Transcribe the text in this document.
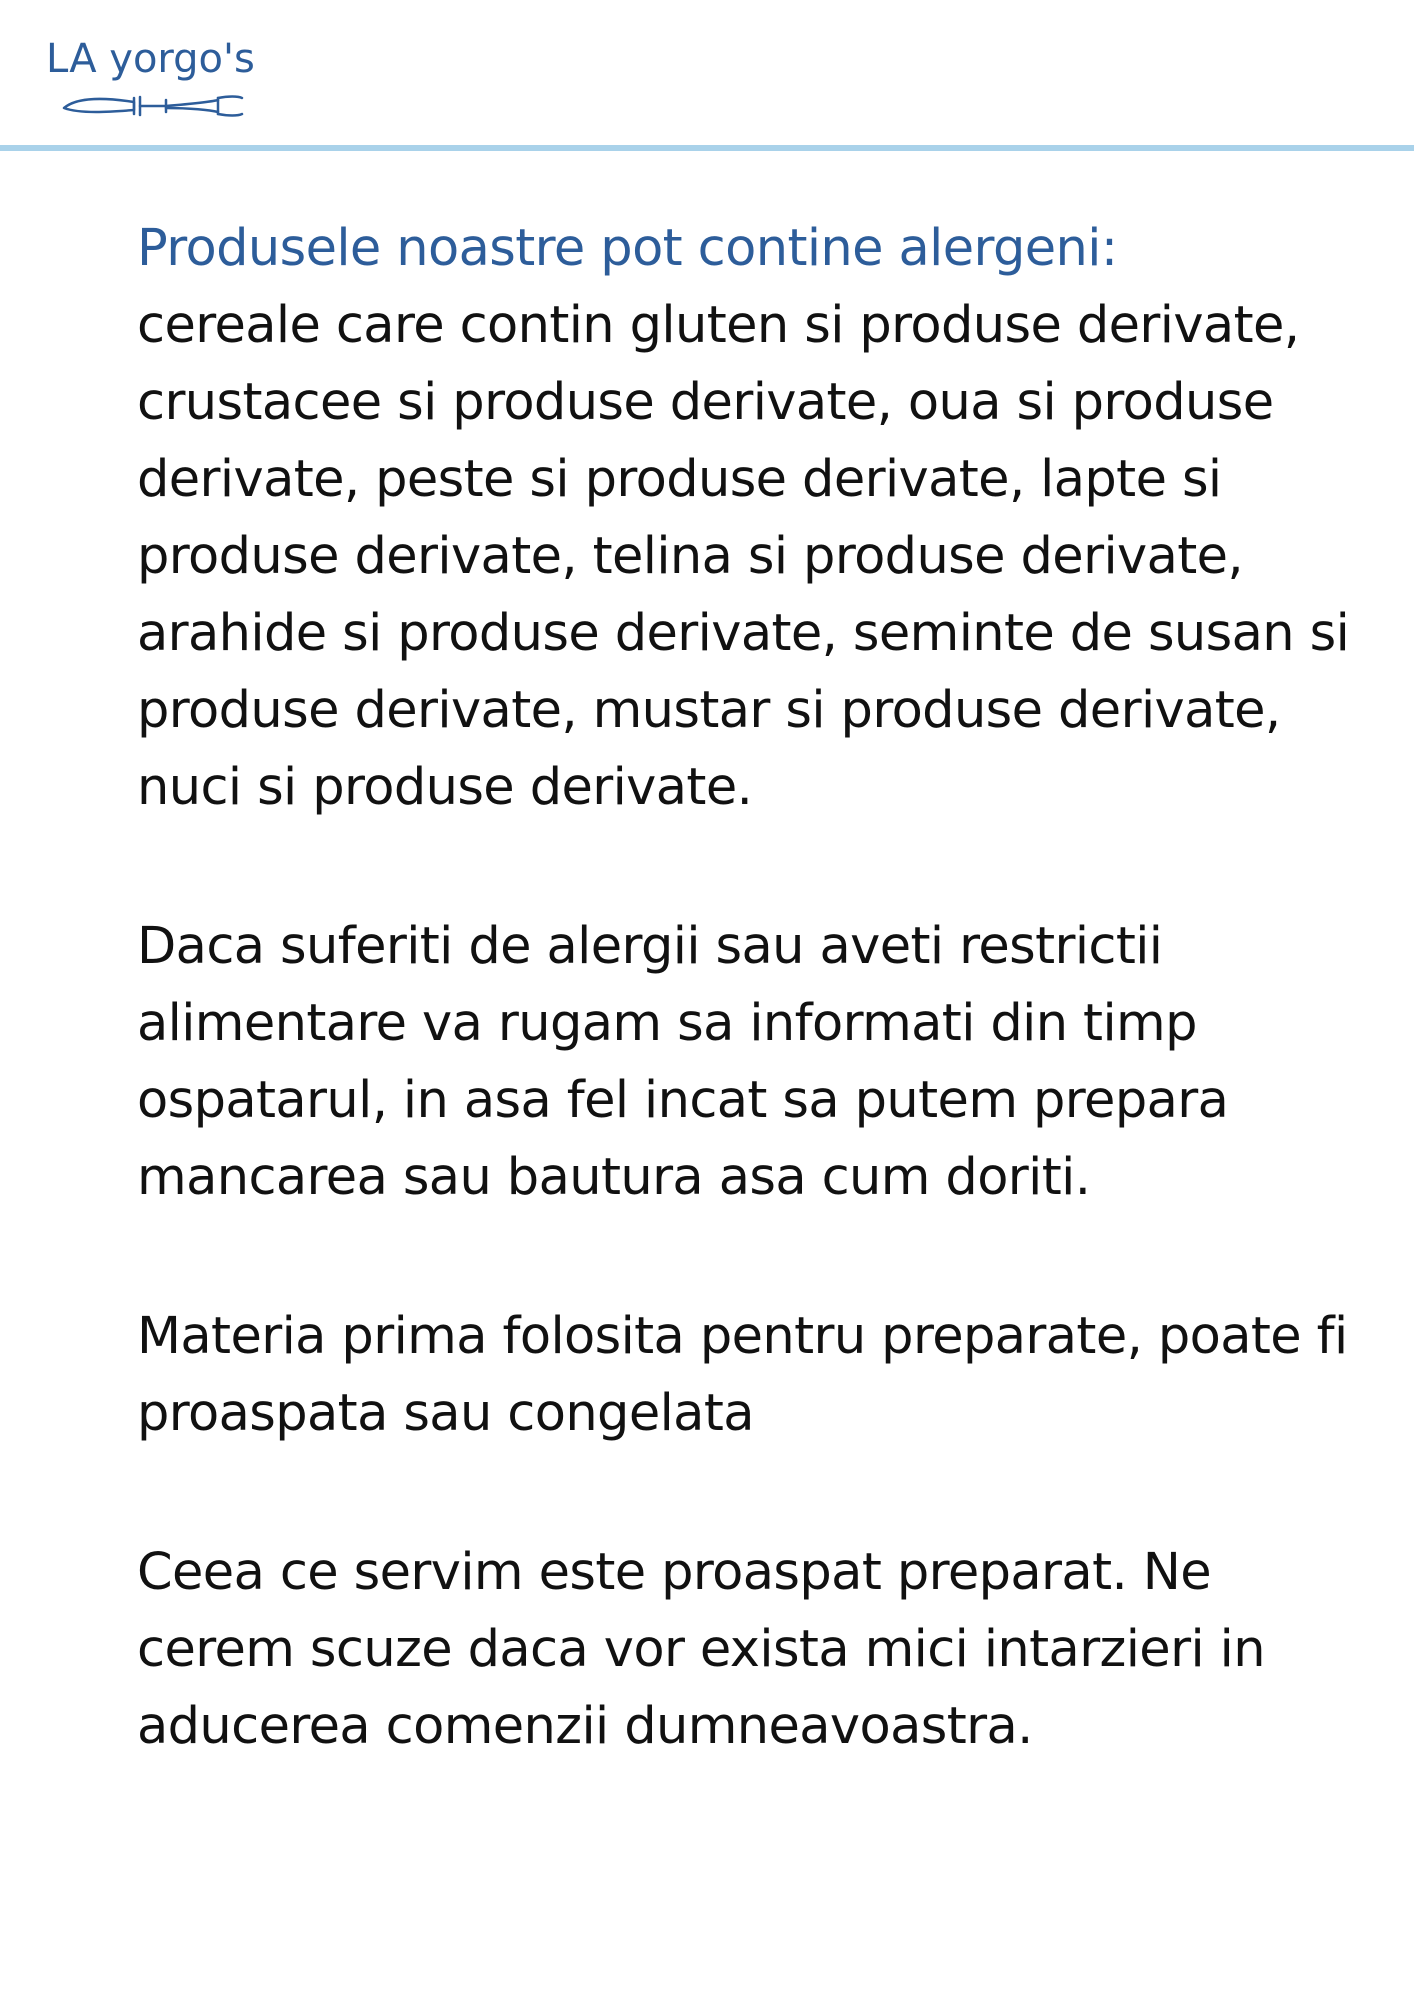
LA yorgo's

Produsele noastre pot contine alergeni:
cereale care contin gluten si produse derivate, crustacee si produse derivate, oua si produse derivate, peste si produse derivate, lapte si produse derivate, telina si produse derivate, arahide si produse derivate, seminte de susan si produse derivate, mustar si produse derivate, nuci si produse derivate.

Daca suferiti de alergii sau aveti restrictii alimentare va rugam sa informati din timp ospatarul, in asa fel incat sa putem prepara mancarea sau bautura asa cum doriti.

Materia prima folosita pentru preparate, poate fi proaspata sau congelata

Ceea ce servim este proaspat preparat. Ne cerem scuze daca vor exista mici intarzieri in aducerea comenzii dumneavoastra.
